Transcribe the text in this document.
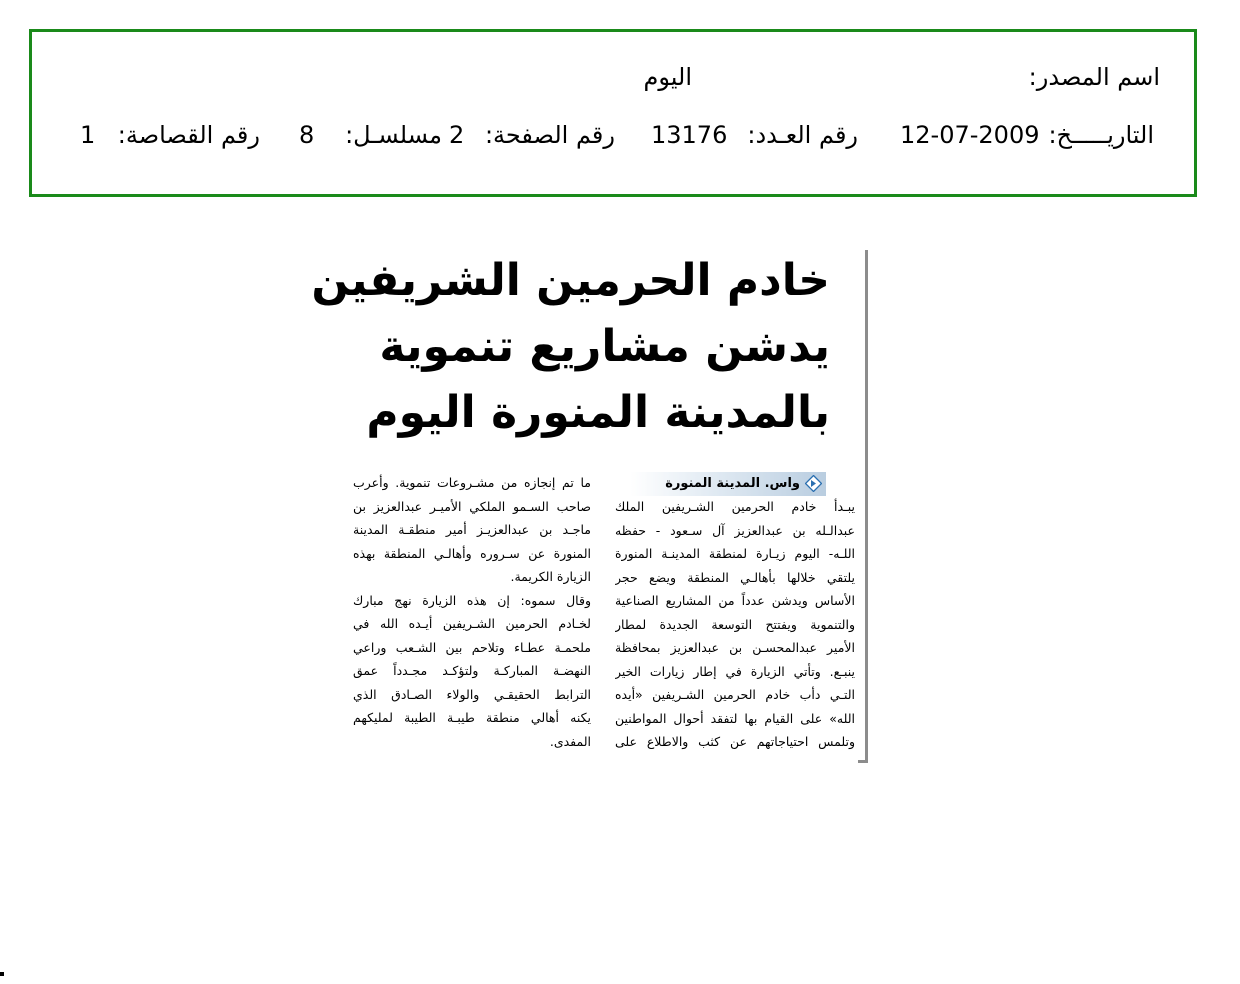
اسم المصدر:
اليوم
التاريـــــخ:
12-07-2009
رقم العـدد:
13176
رقم الصفحة:
2
مسلسـل:
8
رقم القصاصة:
1
خادم الحرمين الشريفين
يدشن مشاريع تنموية
بالمدينة المنورة اليوم
واس. المدينة المنورة
يبـدأ خادم الحرمين الشـريفين الملك
عبدالـله بن عبدالعزيز آل سـعود - حفظه
اللـه- اليوم زيـارة لمنطقة المدينـة المنورة
يلتقي خلالها بأهالـي المنطقة ويضع حجر
الأساس ويدشن عدداً من المشاريع الصناعية
والتنموية ويفتتح التوسعة الجديدة لمطار
الأمير عبدالمحسـن بن عبدالعزيز بمحافظة
ينبـع. وتأتي الزيارة في إطار زيارات الخير
التـي دأب خادم الحرمين الشـريفين «أيده
الله» على القيام بها لتفقد أحوال المواطنين
وتلمس احتياجاتهم عن كثب والاطلاع على
ما تم إنجازه من مشـروعات تنموية. وأعرب
صاحب السـمو الملكي الأميـر عبدالعزيز بن
ماجـد بن عبدالعزيـز أمير منطقـة المدينة
المنورة عن سـروره وأهالـي المنطقة بهذه
الزيارة الكريمة.
وقال سموه: إن هذه الزيارة نهج مبارك
لخـادم الحرمين الشـريفين أيـده الله في
ملحمـة عطـاء وتلاحم بين الشـعب وراعي
النهضـة المباركـة ولتؤكـد مجـدداً عمق
الترابط الحقيقـي والولاء الصـادق الذي
يكنه أهالي منطقة طيبـة الطيبة لمليكهم
المفدى.
